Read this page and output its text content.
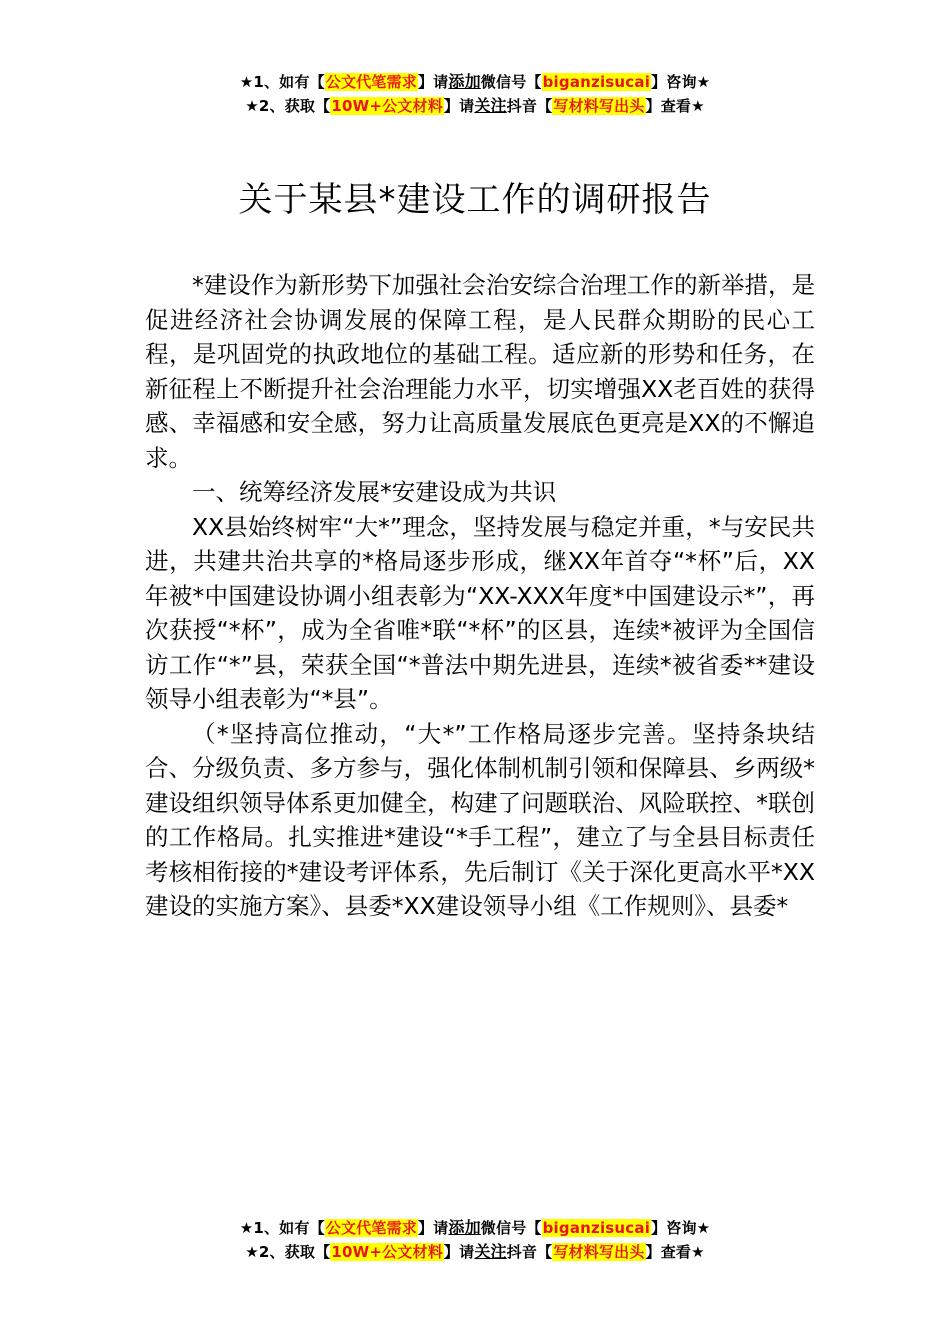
★1、如有【公文代笔需求】请添加微信号【biganzisucai】咨询★
★2、获取【10W+公文材料】请关注抖音【写材料写出头】查看★
关于某县*建设工作的调研报告

*建设作为新形势下加强社会治安综合治理工作的新举措，是促进经济社会协调发展的保障工程，是人民群众期盼的民心工程，是巩固党的执政地位的基础工程。适应新的形势和任务，在新征程上不断提升社会治理能力水平，切实增强XX老百姓的获得感、幸福感和安全感，努力让高质量发展底色更亮是XX的不懈追求。

一、统筹经济发展*安建设成为共识

XX县始终树牢“大*”理念，坚持发展与稳定并重，*与安民共进，共建共治共享的*格局逐步形成，继XX年首夺“*杯”后，XX年被*中国建设协调小组表彰为“XX-XXX年度*中国建设示*”，再次获授“*杯”，成为全省唯*联“*杯”的区县，连续*被评为全国信访工作“*”县，荣获全国“*普法中期先进县，连续*被省委**建设领导小组表彰为“*县”。

（*坚持高位推动，“大*”工作格局逐步完善。坚持条块结合、分级负责、多方参与，强化体制机制引领和保障县、乡两级*建设组织领导体系更加健全，构建了问题联治、风险联控、*联创的工作格局。扎实推进*建设“*手工程”，建立了与全县目标责任考核相衔接的*建设考评体系，先后制订《关于深化更高水平*XX建设的实施方案》、县委*XX建设领导小组《工作规则》、县委*

★1、如有【公文代笔需求】请添加微信号【biganzisucai】咨询★
★2、获取【10W+公文材料】请关注抖音【写材料写出头】查看★
